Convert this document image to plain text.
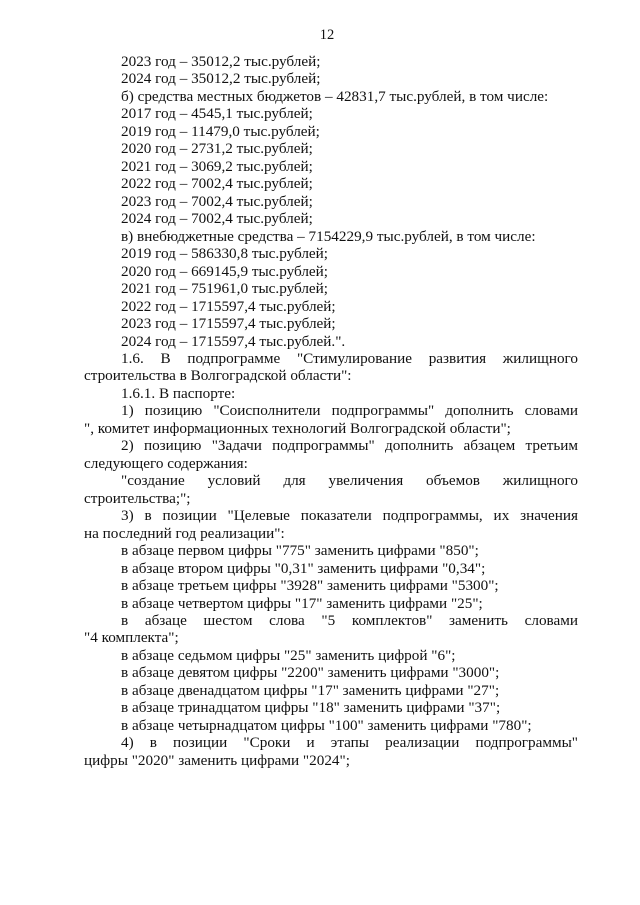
12
2023 год – 35012,2 тыс.рублей;
2024 год – 35012,2 тыс.рублей;
б) средства местных бюджетов – 42831,7 тыс.рублей, в том числе:
2017 год – 4545,1 тыс.рублей;
2019 год – 11479,0 тыс.рублей;
2020 год – 2731,2 тыс.рублей;
2021 год – 3069,2 тыс.рублей;
2022 год – 7002,4 тыс.рублей;
2023 год – 7002,4 тыс.рублей;
2024 год – 7002,4 тыс.рублей;
в) внебюджетные средства – 7154229,9 тыс.рублей, в том числе:
2019 год – 586330,8 тыс.рублей;
2020 год – 669145,9 тыс.рублей;
2021 год – 751961,0 тыс.рублей;
2022 год – 1715597,4 тыс.рублей;
2023 год – 1715597,4 тыс.рублей;
2024 год – 1715597,4 тыс.рублей.".
1.6. В подпрограмме "Стимулирование развития жилищного
строительства в Волгоградской области":
1.6.1. В паспорте:
1) позицию "Соисполнители подпрограммы" дополнить словами
", комитет информационных технологий Волгоградской области";
2) позицию "Задачи подпрограммы" дополнить абзацем третьим
следующего содержания:
"создание условий для увеличения объемов жилищного
строительства;";
3) в позиции "Целевые показатели подпрограммы, их значения
на последний год реализации":
в абзаце первом цифры "775" заменить цифрами "850";
в абзаце втором цифры "0,31" заменить цифрами "0,34";
в абзаце третьем цифры "3928" заменить цифрами "5300";
в абзаце четвертом цифры "17" заменить цифрами "25";
в абзаце шестом слова "5 комплектов" заменить словами
"4 комплекта";
в абзаце седьмом цифры "25" заменить цифрой "6";
в абзаце девятом цифры "2200" заменить цифрами "3000";
в абзаце двенадцатом цифры "17" заменить цифрами "27";
в абзаце тринадцатом цифры "18" заменить цифрами "37";
в абзаце четырнадцатом цифры "100" заменить цифрами "780";
4) в позиции "Сроки и этапы реализации подпрограммы"
цифры "2020" заменить цифрами "2024";
